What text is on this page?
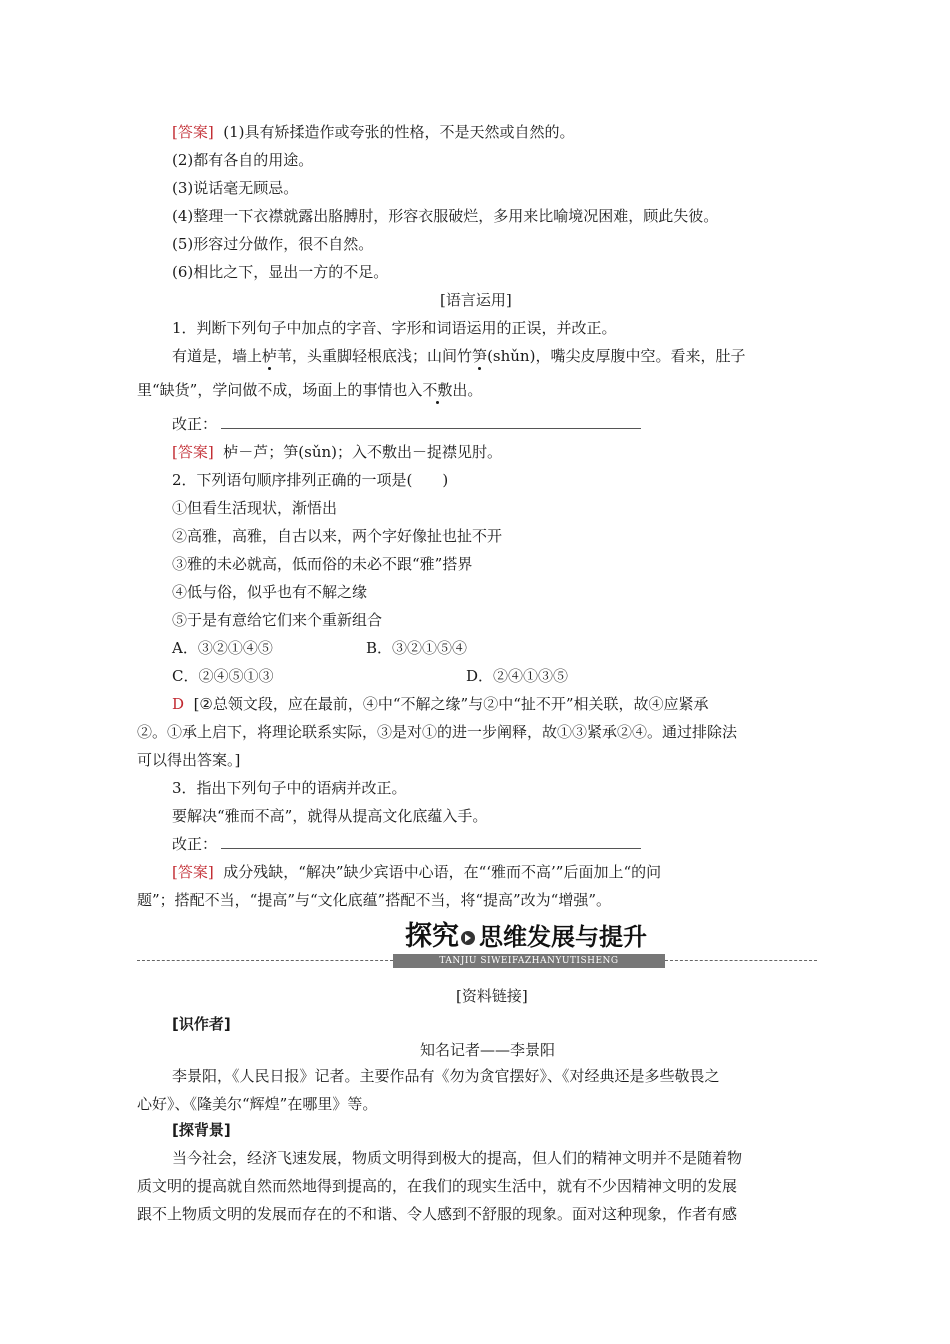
[答案] (1)具有矫揉造作或夸张的性格，不是天然或自然的。
(2)都有各自的用途。
(3)说话毫无顾忌。
(4)整理一下衣襟就露出胳膊肘，形容衣服破烂，多用来比喻境况困难，顾此失彼。
(5)形容过分做作，很不自然。
(6)相比之下，显出一方的不足。
[语言运用]
1．判断下列句子中加点的字音、字形和词语运用的正误，并改正。
有道是，墙上栌苇，头重脚轻根底浅；山间竹笋(shǔn)，嘴尖皮厚腹中空。看来，肚子
里“缺货”，学问做不成，场面上的事情也入不敷出。
改正：
[答案] 栌－芦；笋(sǔn)；入不敷出－捉襟见肘。
2．下列语句顺序排列正确的一项是(　　)
①但看生活现状，渐悟出
②高雅，高雅，自古以来，两个字好像扯也扯不开
③雅的未必就高，低而俗的未必不跟“雅”搭界
④低与俗，似乎也有不解之缘
⑤于是有意给它们来个重新组合
A．③②①④⑤	B．③②①⑤④
C．②④⑤①③	D．②④①③⑤
D [②总领文段，应在最前，④中“不解之缘”与②中“扯不开”相关联，故④应紧承
②。①承上启下，将理论联系实际，③是对①的进一步阐释，故①③紧承②④。通过排除法
可以得出答案。]
3．指出下列句子中的语病并改正。
要解决“雅而不高”，就得从提高文化底蕴入手。
改正：
[答案] 成分残缺，“解决”缺少宾语中心语，在“‘雅而不高’”后面加上“的问
题”；搭配不当，“提高”与“文化底蕴”搭配不当，将“提高”改为“增强”。
探究 思维发展与提升
TANJIU SIWEIFAZHANYUTISHENG
[资料链接]
[识作者]
知名记者——李景阳
李景阳，《人民日报》记者。主要作品有《勿为贪官摆好》、《对经典还是多些敬畏之
心好》、《隆美尔“辉煌”在哪里》等。
[探背景]
当今社会，经济飞速发展，物质文明得到极大的提高，但人们的精神文明并不是随着物
质文明的提高就自然而然地得到提高的，在我们的现实生活中，就有不少因精神文明的发展
跟不上物质文明的发展而存在的不和谐、令人感到不舒服的现象。面对这种现象，作者有感
